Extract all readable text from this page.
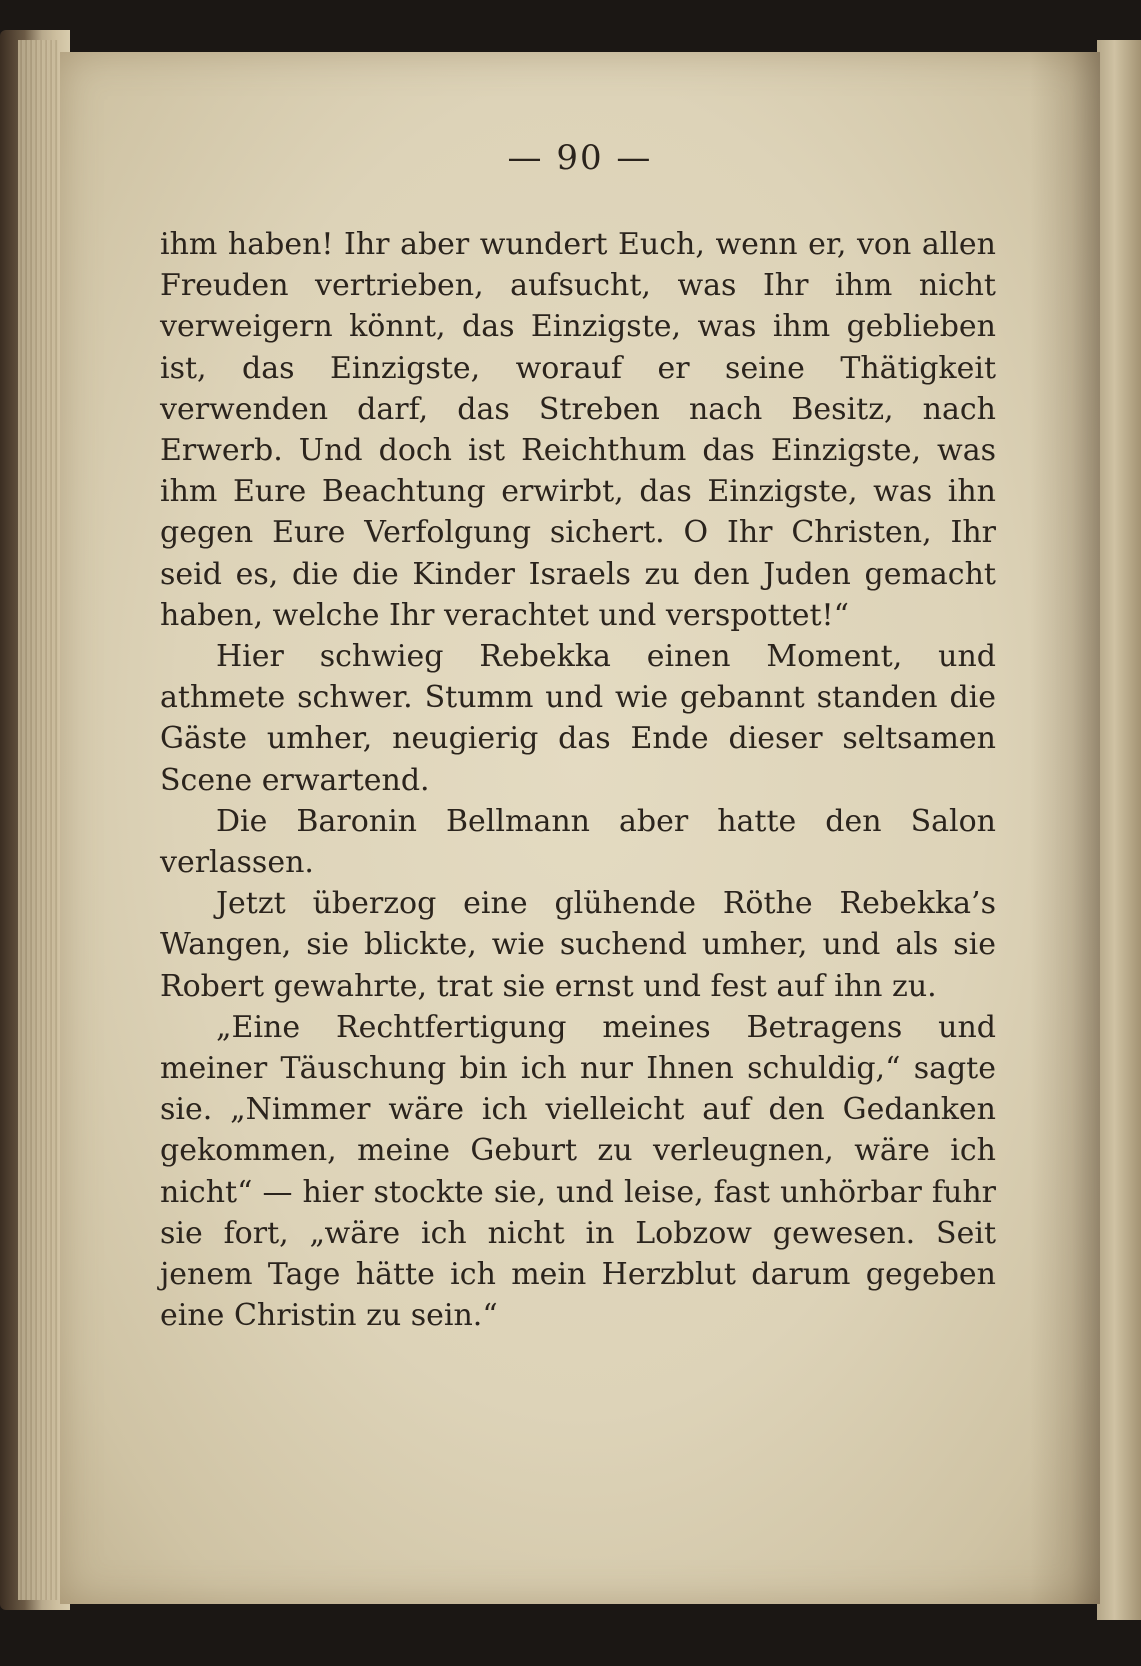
— 90 —

ihm haben! Ihr aber wundert Euch, wenn er, von allen Freuden vertrieben, aufsucht, was Ihr ihm nicht verweigern könnt, das Einzigste, was ihm geblieben ist, das Einzigste, worauf er seine Thätigkeit verwenden darf, das Streben nach Besitz, nach Erwerb. Und doch ist Reichthum das Einzigste, was ihm Eure Beachtung erwirbt, das Einzigste, was ihn gegen Eure Verfolgung sichert. O Ihr Christen, Ihr seid es, die die Kinder Israels zu den Juden gemacht haben, welche Ihr verachtet und verspottet!“

Hier schwieg Rebekka einen Moment, und athmete schwer. Stumm und wie gebannt standen die Gäste umher, neugierig das Ende dieser seltsamen Scene erwartend.

Die Baronin Bellmann aber hatte den Salon verlassen.

Jetzt überzog eine glühende Röthe Rebekka’s Wangen, sie blickte, wie suchend umher, und als sie Robert gewahrte, trat sie ernst und fest auf ihn zu.

„Eine Rechtfertigung meines Betragens und meiner Täuschung bin ich nur Ihnen schuldig,“ sagte sie. „Nimmer wäre ich vielleicht auf den Gedanken gekommen, meine Geburt zu verleugnen, wäre ich nicht“ — hier stockte sie, und leise, fast unhörbar fuhr sie fort, „wäre ich nicht in Lobzow gewesen. Seit jenem Tage hätte ich mein Herzblut darum gegeben eine Christin zu sein.“
